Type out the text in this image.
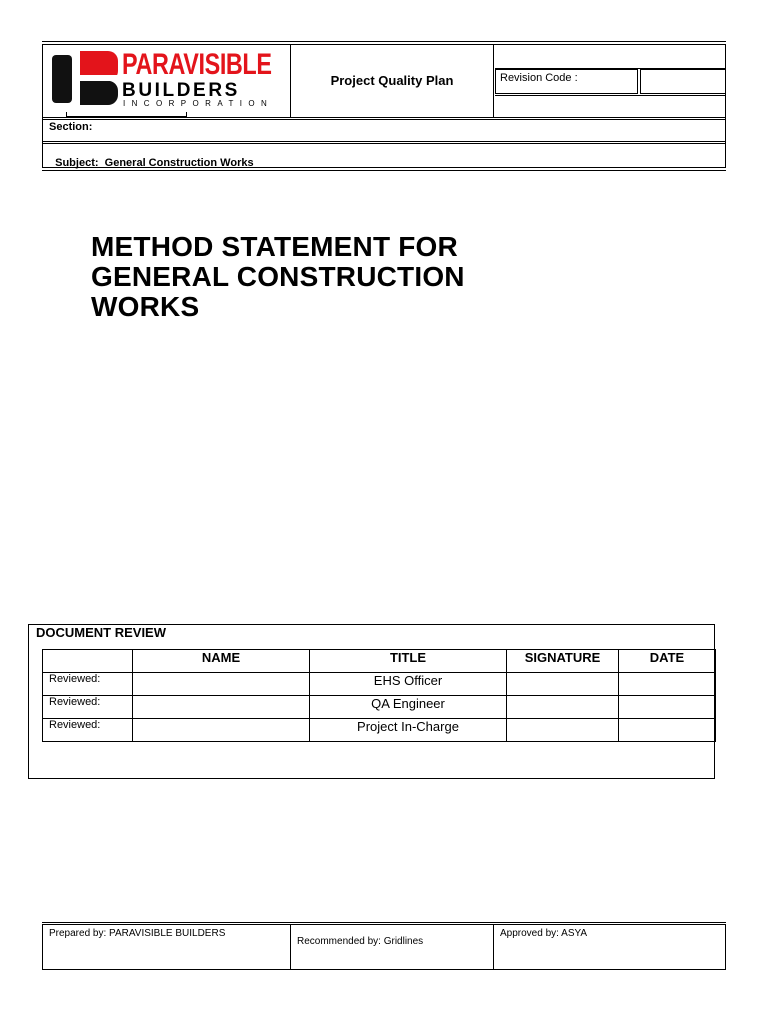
PARAVISIBLE
BUILDERS
INCORPORATION
Project Quality Plan	Revision Code :
Section:

Subject: General Construction Works

METHOD STATEMENT FOR GENERAL CONSTRUCTION WORKS
DOCUMENT REVIEW
	NAME	TITLE	SIGNATURE	DATE
Reviewed:		EHS Officer		
Reviewed:		QA Engineer		
Reviewed:		Project In-Charge		
Prepared by: PARAVISIBLE BUILDERS
Recommended by: Gridlines
Approved by: ASYA
